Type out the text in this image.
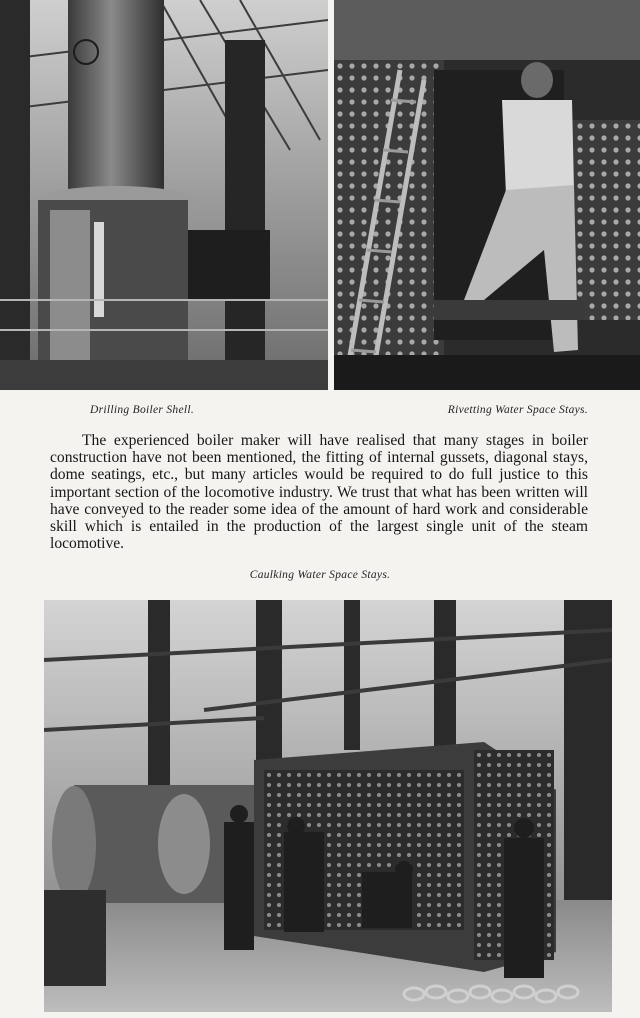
Drilling Boiler Shell.	Rivetting Water Space Stays.

The experienced boiler maker will have realised that many stages in boiler construction have not been mentioned, the fitting of internal gussets, diagonal stays, dome seatings, etc., but many articles would be required to do full justice to this important section of the locomotive industry. We trust that what has been written will have conveyed to the reader some idea of the amount of hard work and considerable skill which is entailed in the production of the largest single unit of the steam locomotive.

Caulking Water Space Stays.
